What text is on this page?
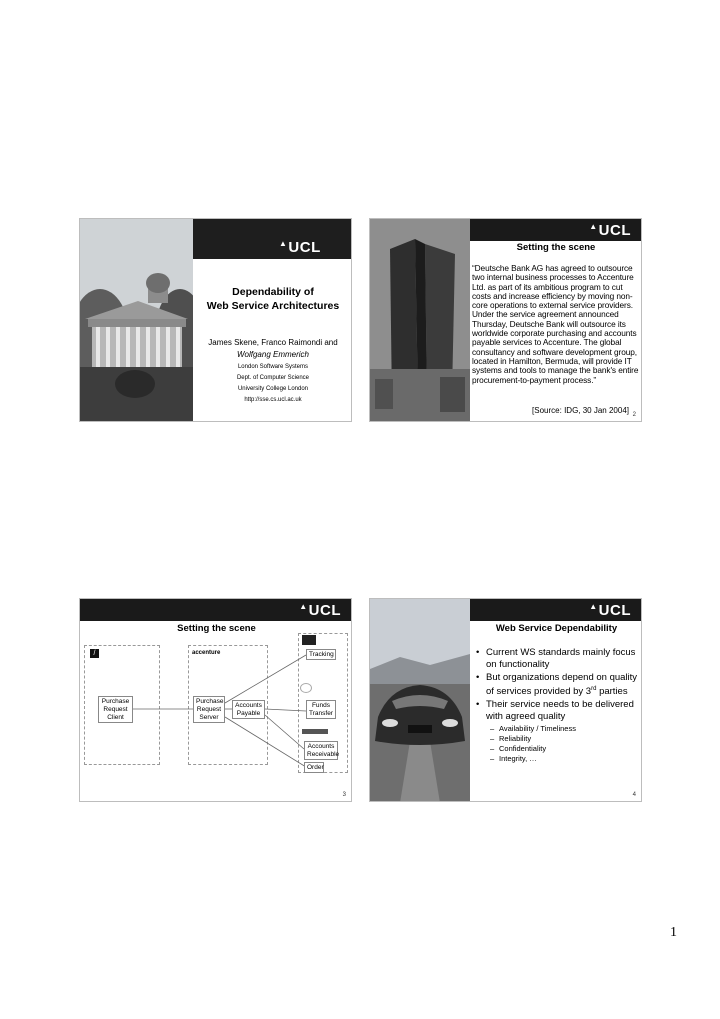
▲UCL
Dependability of
Web Service Architectures
James Skene, Franco Raimondi and
Wolfgang Emmerich
London Software Systems
Dept. of Computer Science
University College London
http://sse.cs.ucl.ac.uk
▲UCL
Setting the scene
“Deutsche Bank AG has agreed to outsource two internal business processes to Accenture Ltd. as part of its ambitious program to cut costs and increase efficiency by moving non-core operations to external service providers. Under the service agreement announced Thursday, Deutsche Bank will outsource its worldwide corporate purchasing and accounts payable services to Accenture. The global consultancy and software development group, located in Hamilton, Bermuda, will provide IT systems and tools to manage the bank's entire procurement-to-payment process.”
[Source: IDG, 30 Jan 2004] 2
▲UCL
Setting the scene
/	accenture
Purchase Request Client
Purchase Request Server
Accounts Payable
Tracking
Funds Transfer
Accounts Receivable
Order
3
▲UCL
Web Service Dependability
• Current WS standards mainly focus on functionality
• But organizations depend on quality of services provided by 3rd parties
• Their service needs to be delivered with agreed quality
– Availability / Timeliness
– Reliability
– Confidentiality
– Integrity, …
4
1
